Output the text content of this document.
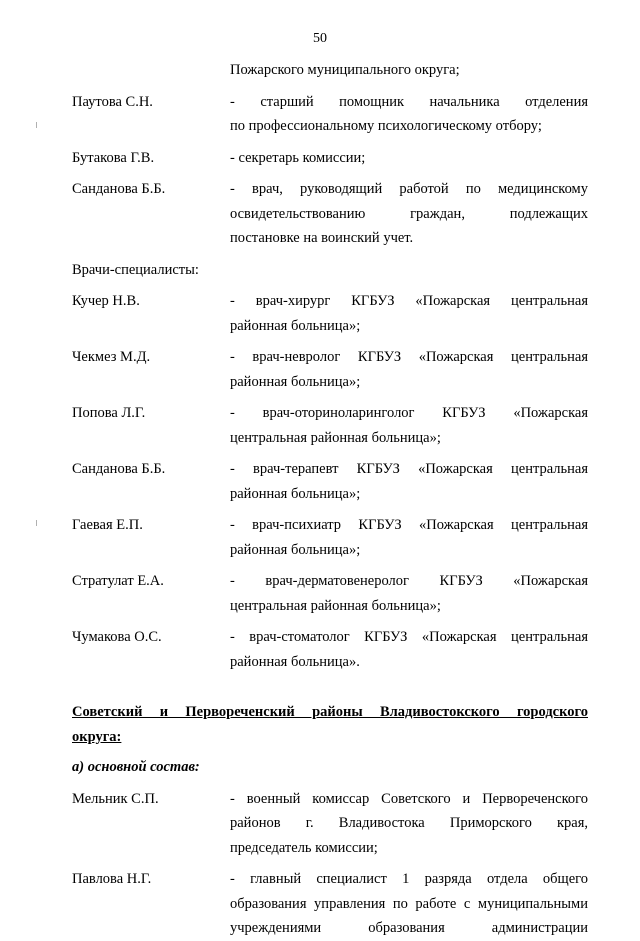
50
Пожарского муниципального округа;
Паутова С.Н.	- старший помощник начальника отделения
по профессиональному психологическому отбору;
Бутакова Г.В.	- секретарь комиссии;
Санданова Б.Б.	- врач, руководящий работой по медицинскому
освидетельствованию граждан, подлежащих
постановке на воинский учет.
Врачи-специалисты:
Кучер Н.В.	- врач-хирург КГБУЗ «Пожарская центральная
районная больница»;
Чекмез М.Д.	- врач-невролог КГБУЗ «Пожарская центральная
районная больница»;
Попова Л.Г.	- врач-оториноларинголог КГБУЗ «Пожарская
центральная районная больница»;
Санданова Б.Б.	- врач-терапевт КГБУЗ «Пожарская центральная
районная больница»;
Гаевая Е.П.	- врач-психиатр КГБУЗ «Пожарская центральная
районная больница»;
Стратулат Е.А.	- врач-дерматовенеролог КГБУЗ «Пожарская
центральная районная больница»;
Чумакова О.С.	- врач-стоматолог КГБУЗ «Пожарская центральная
районная больница».
Советский и Первореченский районы Владивостокского городского
округа:
а) основной состав:
Мельник С.П.	- военный комиссар Советского и Первореченского
районов г. Владивостока Приморского края,
председатель комиссии;
Павлова Н.Г.	- главный специалист 1 разряда отдела общего
образования управления по работе с муниципальными
учреждениями образования администрации
